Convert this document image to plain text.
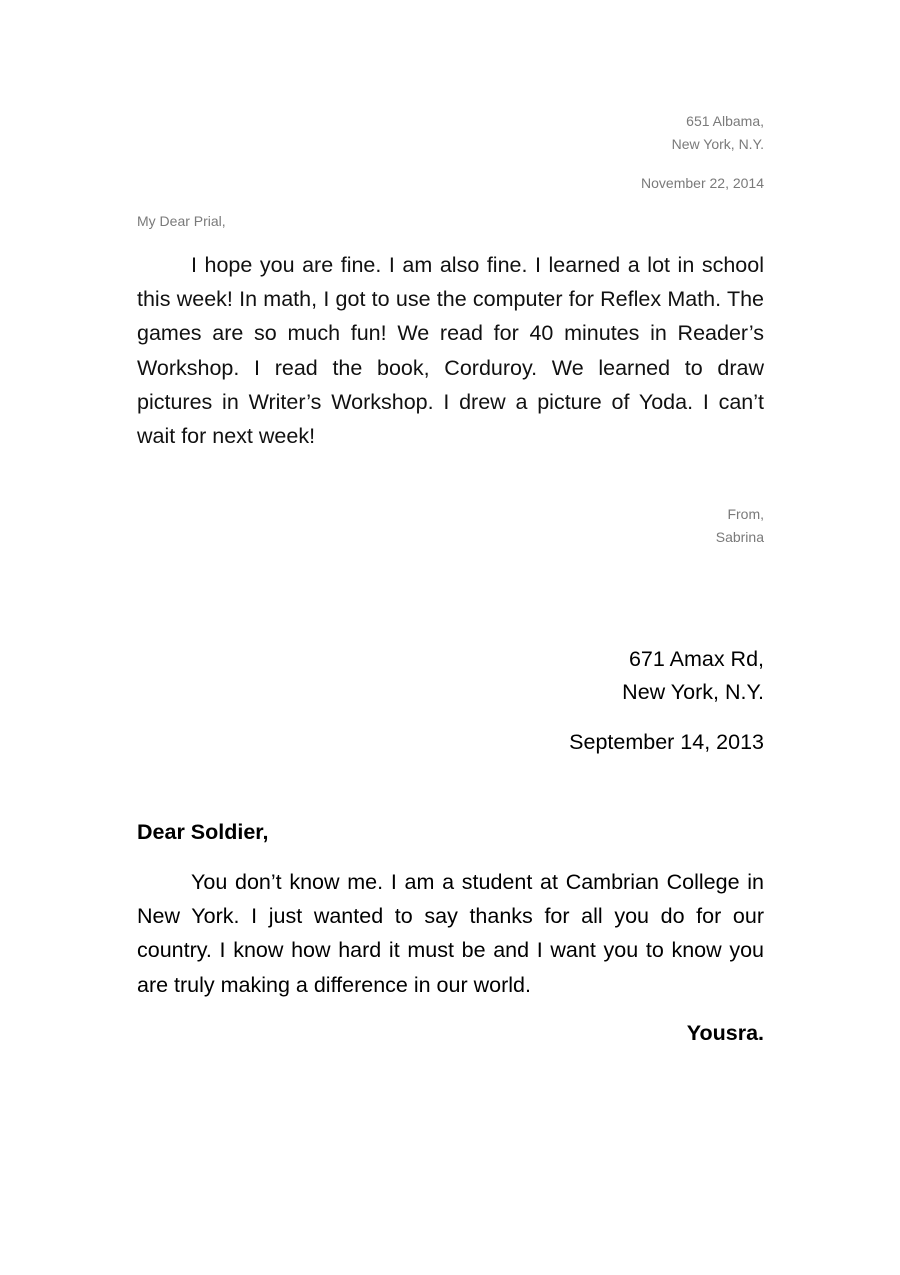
651 Albama,
New York, N.Y.
November 22, 2014
My Dear Prial,

I hope you are fine. I am also fine. I learned a lot in school this week! In math, I got to use the computer for Reflex Math. The games are so much fun! We read for 40 minutes in Reader’s Workshop. I read the book, Corduroy. We learned to draw pictures in Writer’s Workshop. I drew a picture of Yoda. I can’t wait for next week!

From,
Sabrina
671 Amax Rd,
New York, N.Y.
September 14, 2013
Dear Soldier,

You don’t know me. I am a student at Cambrian College in New York. I just wanted to say thanks for all you do for our country. I know how hard it must be and I want you to know you are truly making a difference in our world.

Yousra.
